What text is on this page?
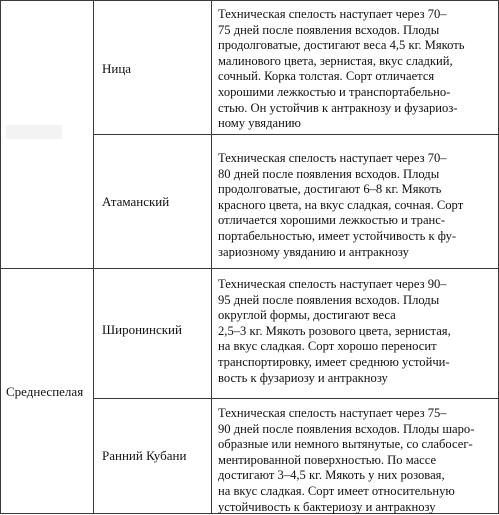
Среднеспелая
Ница
Техническая спелость наступает через 70–
75 дней после появления всходов. Плоды
продолговатые, достигают веса 4,5 кг. Мякоть
малинового цвета, зернистая, вкус сладкий,
сочный. Корка толстая. Сорт отличается
хорошими лежкостью и транспортабельно-
стью. Он устойчив к антракнозу и фузариоз-
ному увяданию
Атаманский
Техническая спелость наступает через 70–
80 дней после появления всходов. Плоды
продолговатые, достигают 6–8 кг. Мякоть
красного цвета, на вкус сладкая, сочная. Сорт
отличается хорошими лежкостью и транс-
портабельностью, имеет устойчивость к фу-
зариозному увяданию и антракнозу
Широнинский
Техническая спелость наступает через 90–
95 дней после появления всходов. Плоды
округлой формы, достигают веса
2,5–3 кг. Мякоть розового цвета, зернистая,
на вкус сладкая. Сорт хорошо переносит
транспортировку, имеет среднюю устойчи-
вость к фузариозу и антракнозу
Ранний Кубани
Техническая спелость наступает через 75–
90 дней после появления всходов. Плоды шаро-
образные или немного вытянутые, со слабосег-
ментированной поверхностью. По массе
достигают 3–4,5 кг. Мякоть у них розовая,
на вкус сладкая. Сорт имеет относительную
устойчивость к бактериозу и антракнозу
